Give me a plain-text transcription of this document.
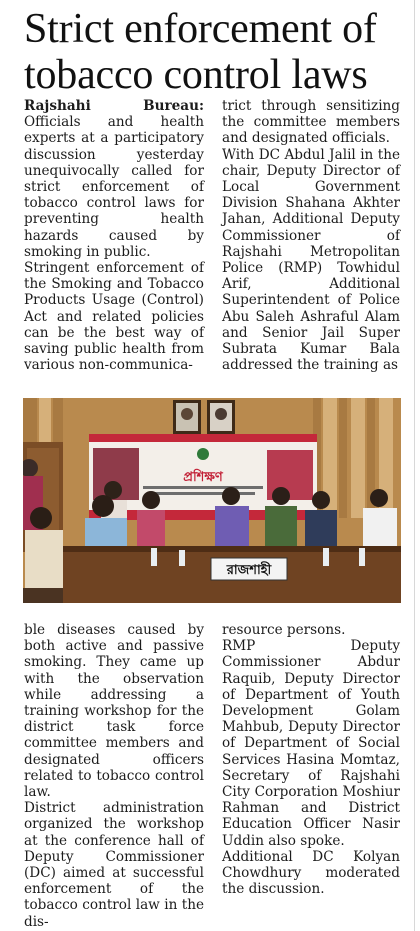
Strict enforcement of tobacco control laws

Rajshahi Bureau: Officials and health experts at a participatory discussion yesterday unequivocally called for strict enforcement of tobacco control laws for preventing health hazards caused by smoking in public.

Stringent enforcement of the Smoking and Tobacco Products Usage (Control) Act and related policies can be the best way of saving public health from various non-communica-

trict through sensitizing the committee members and designated officials.

With DC Abdul Jalil in the chair, Deputy Director of Local Government Division Shahana Akhter Jahan, Additional Deputy Commissioner of Rajshahi Metropolitan Police (RMP) Towhidul Arif, Additional Superintendent of Police Abu Saleh Ashraful Alam and Senior Jail Super Subrata Kumar Bala addressed the training as

প্রশিক্ষণ
রাজশাহী

ble diseases caused by both active and passive smoking. They came up with the observation while addressing a training workshop for the district task force committee members and designated officers related to tobacco control law.

District administration organized the workshop at the conference hall of Deputy Commissioner (DC) aimed at successful enforcement of the tobacco control law in the dis-

resource persons.

RMP Deputy Commissioner Abdur Raquib, Deputy Director of Department of Youth Development Golam Mahbub, Deputy Director of Department of Social Services Hasina Momtaz, Secretary of Rajshahi City Corporation Moshiur Rahman and District Education Officer Nasir Uddin also spoke.

Additional DC Kolyan Chowdhury moderated the discussion.
